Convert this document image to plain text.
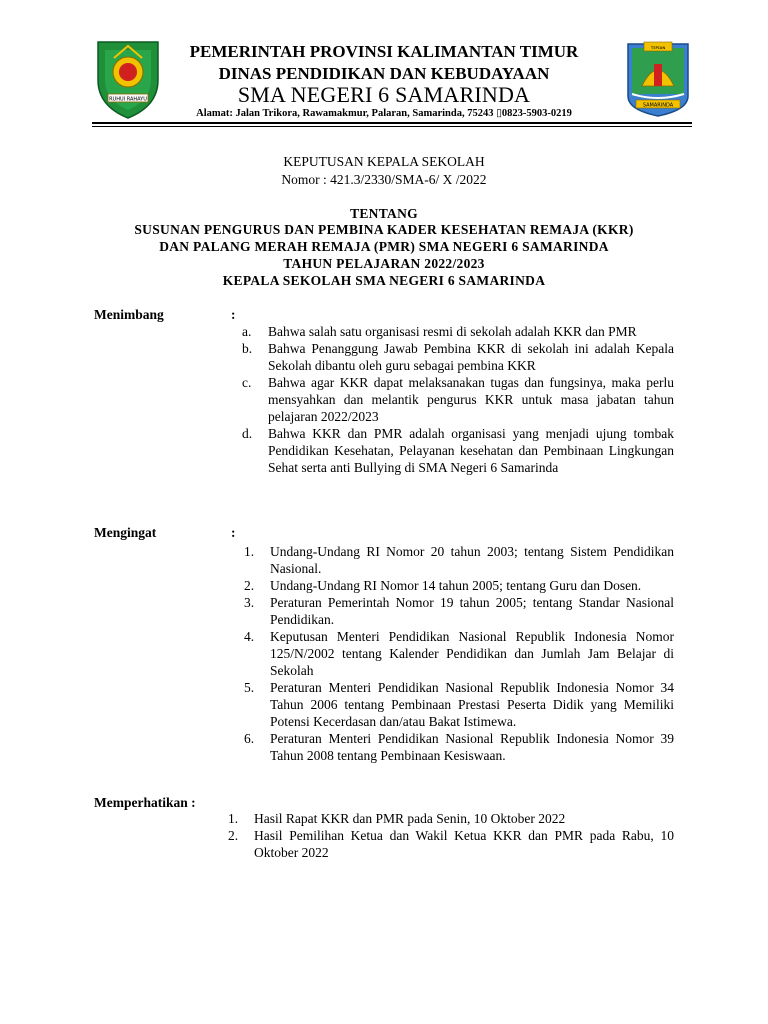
RUHUI RAHAYU
ᴛᴇᴘɪᴀɴ
SAMARINDA
PEMERINTAH PROVINSI KALIMANTAN TIMUR
DINAS PENDIDIKAN DAN KEBUDAYAAN
SMA NEGERI 6 SAMARINDA
Alamat: Jalan Trikora, Rawamakmur, Palaran, Samarinda, 75243 ▯0823-5903-0219
KEPUTUSAN KEPALA SEKOLAH
Nomor : 421.3/2330/SMA-6/ X /2022
TENTANG
SUSUNAN PENGURUS DAN PEMBINA KADER KESEHATAN REMAJA (KKR)
DAN PALANG MERAH REMAJA (PMR) SMA NEGERI 6 SAMARINDA
TAHUN PELAJARAN 2022/2023
KEPALA SEKOLAH SMA NEGERI 6 SAMARINDA
Menimbang	:
a. Bahwa salah satu organisasi resmi di sekolah adalah KKR dan PMR
b. Bahwa Penanggung Jawab Pembina KKR di sekolah ini adalah Kepala Sekolah dibantu oleh guru sebagai pembina KKR
c. Bahwa agar KKR dapat melaksanakan tugas dan fungsinya, maka perlu mensyahkan dan melantik pengurus KKR untuk masa jabatan tahun pelajaran 2022/2023
d. Bahwa KKR dan PMR adalah organisasi yang menjadi ujung tombak Pendidikan Kesehatan, Pelayanan kesehatan dan Pembinaan Lingkungan Sehat serta anti Bullying di SMA Negeri 6 Samarinda
Mengingat	:
1. Undang-Undang RI Nomor 20 tahun 2003; tentang Sistem Pendidikan Nasional.
2. Undang-Undang RI Nomor 14 tahun 2005; tentang Guru dan Dosen.
3. Peraturan Pemerintah Nomor 19 tahun 2005; tentang Standar Nasional Pendidikan.
4. Keputusan Menteri Pendidikan Nasional Republik Indonesia Nomor 125/N/2002 tentang Kalender Pendidikan dan Jumlah Jam Belajar di Sekolah
5. Peraturan Menteri Pendidikan Nasional Republik Indonesia Nomor 34 Tahun 2006 tentang Pembinaan Prestasi Peserta Didik yang Memiliki Potensi Kecerdasan dan/atau Bakat Istimewa.
6. Peraturan Menteri Pendidikan Nasional Republik Indonesia Nomor 39 Tahun 2008 tentang Pembinaan Kesiswaan.
Memperhatikan :
1. Hasil Rapat KKR dan PMR pada Senin, 10 Oktober 2022
2. Hasil Pemilihan Ketua dan Wakil Ketua KKR dan PMR pada Rabu, 10 Oktober 2022
